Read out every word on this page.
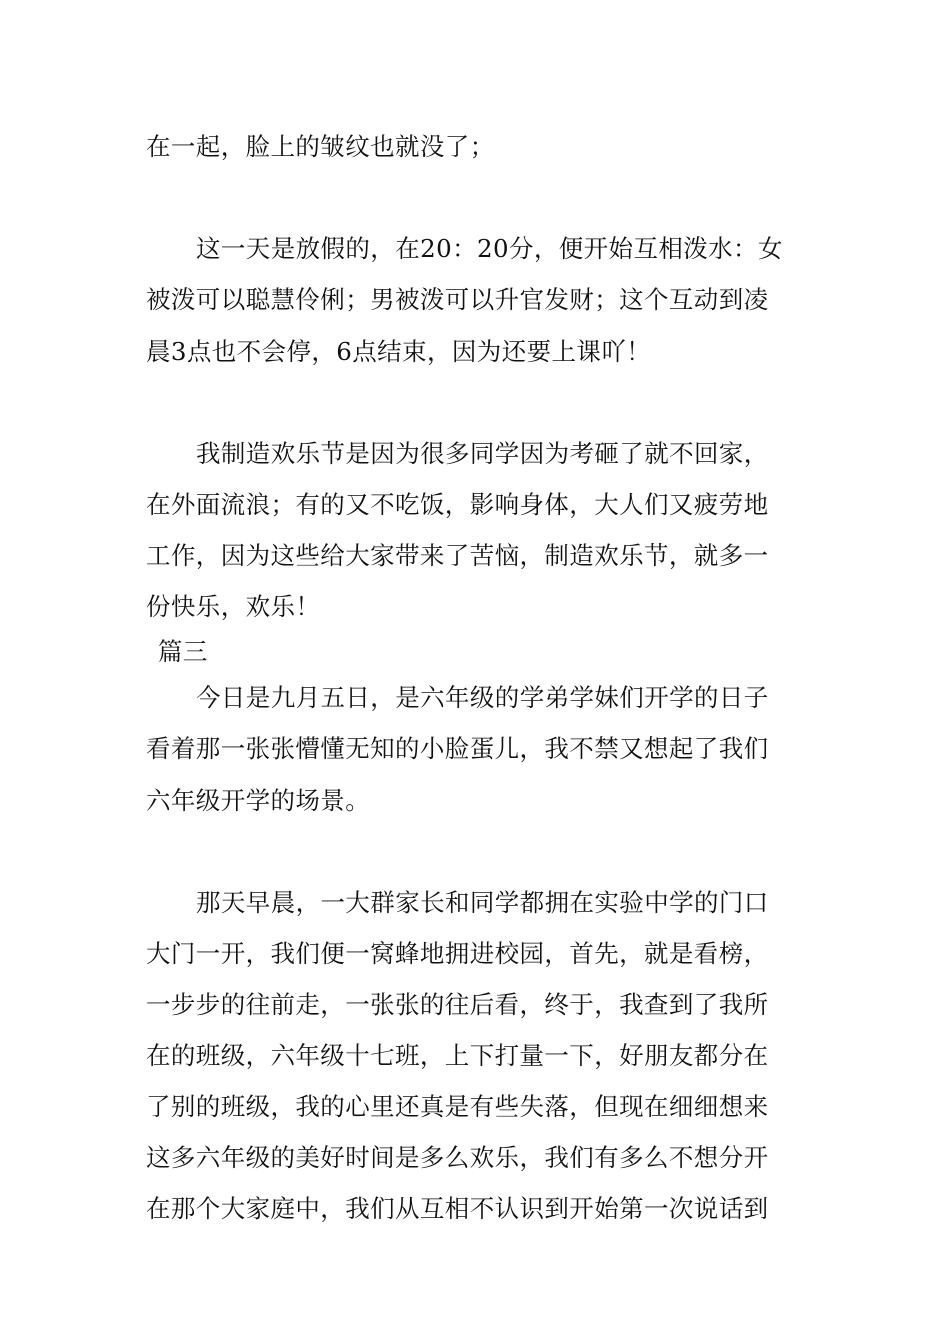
在一起，脸上的皱纹也就没了；
这一天是放假的，在20：20分，便开始互相泼水：女
被泼可以聪慧伶俐；男被泼可以升官发财；这个互动到凌
晨3点也不会停，6点结束，因为还要上课吖！
我制造欢乐节是因为很多同学因为考砸了就不回家，
在外面流浪；有的又不吃饭，影响身体，大人们又疲劳地
工作，因为这些给大家带来了苦恼，制造欢乐节，就多一
份快乐，欢乐！
篇三
今日是九月五日，是六年级的学弟学妹们开学的日子
看着那一张张懵懂无知的小脸蛋儿，我不禁又想起了我们
六年级开学的场景。
那天早晨，一大群家长和同学都拥在实验中学的门口
大门一开，我们便一窝蜂地拥进校园，首先，就是看榜，
一步步的往前走，一张张的往后看，终于，我查到了我所
在的班级，六年级十七班，上下打量一下，好朋友都分在
了别的班级，我的心里还真是有些失落，但现在细细想来
这多六年级的美好时间是多么欢乐，我们有多么不想分开
在那个大家庭中，我们从互相不认识到开始第一次说话到
